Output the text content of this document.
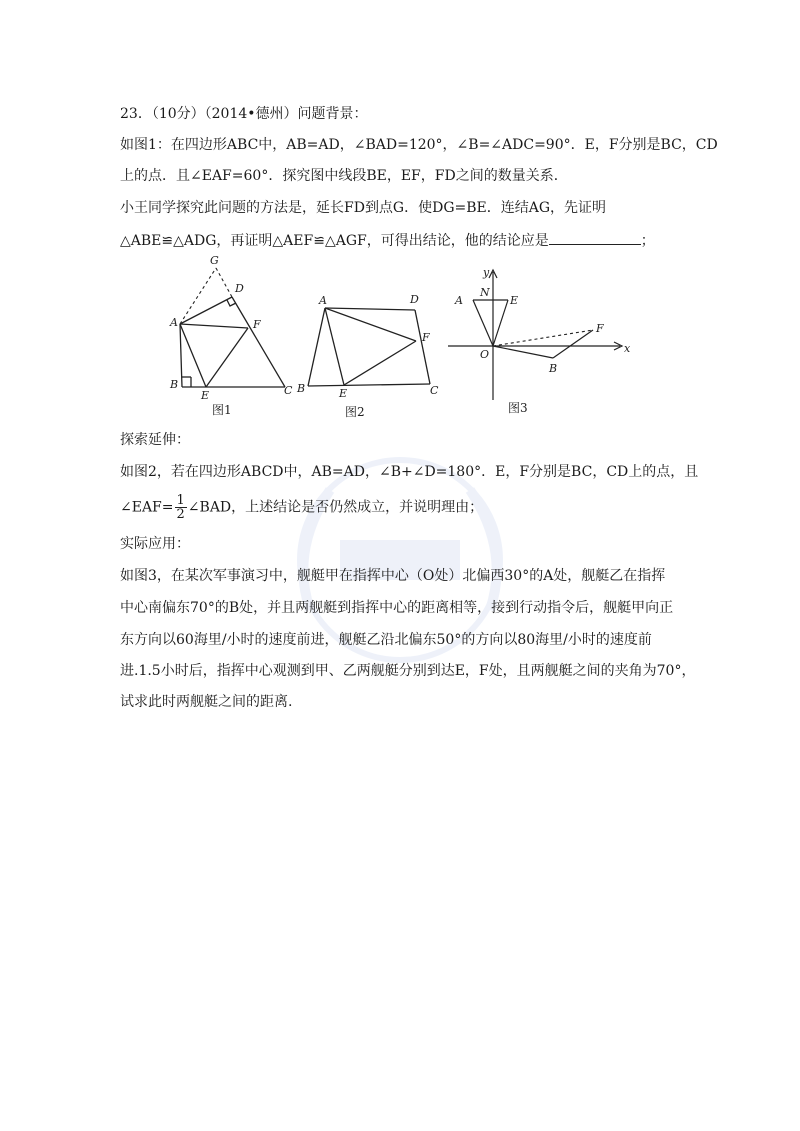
23．（10分）（2014•德州）问题背景：
如图1：在四边形ABC中，AB=AD，∠BAD=120°，∠B=∠ADC=90°．E，F分别是BC，CD
上的点．且∠EAF=60°．探究图中线段BE，EF，FD之间的数量关系．
小王同学探究此问题的方法是，延长FD到点G．使DG=BE．连结AG，先证明
△ABE≌△ADG，再证明△AEF≌△AGF，可得出结论，他的结论应是	；
G
D
A	F
B
E	C
图1
A	D
F
B	E	C
图2
y
N
A	E
F
O	x
B
图3
探索延伸：
如图2，若在四边形ABCD中，AB=AD，∠B+∠D=180°．E，F分别是BC，CD上的点，且
∠EAF= $\frac{1}{2}$ ∠BAD，上述结论是否仍然成立，并说明理由；
实际应用：
如图3，在某次军事演习中，舰艇甲在指挥中心（O处）北偏西30°的A处，舰艇乙在指挥
中心南偏东70°的B处，并且两舰艇到指挥中心的距离相等，接到行动指令后，舰艇甲向正
东方向以60海里/小时的速度前进，舰艇乙沿北偏东50°的方向以80海里/小时的速度前
进.1.5小时后，指挥中心观测到甲、乙两舰艇分别到达E，F处，且两舰艇之间的夹角为70°，
试求此时两舰艇之间的距离.
